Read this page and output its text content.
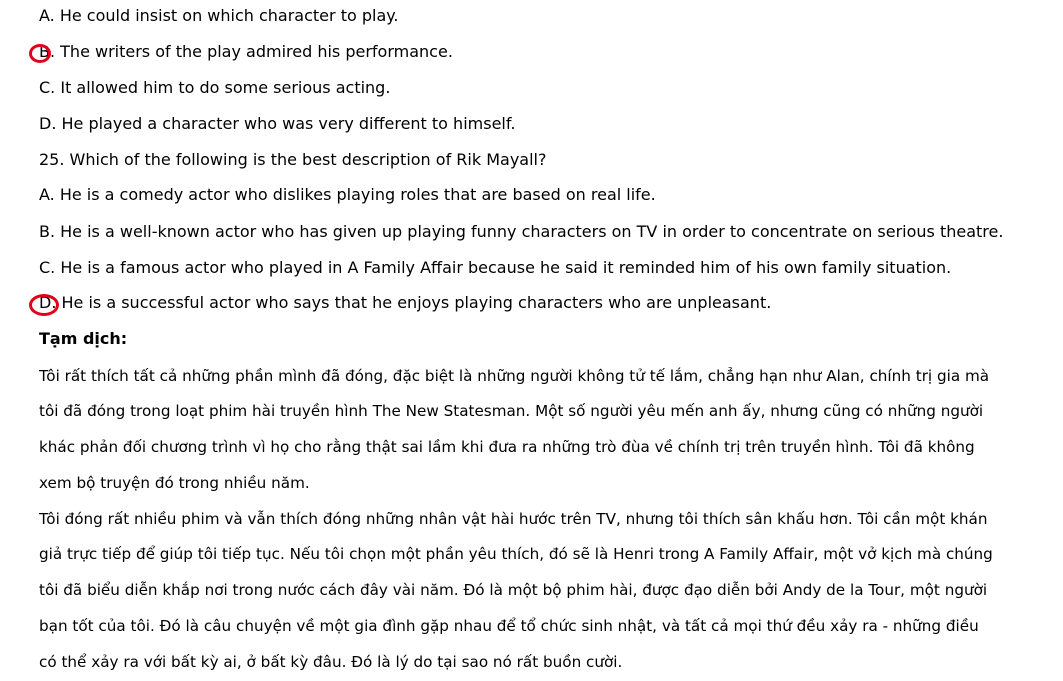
A. He could insist on which character to play.
B. The writers of the play admired his performance.
C. It allowed him to do some serious acting.
D. He played a character who was very different to himself.
25. Which of the following is the best description of Rik Mayall?
A. He is a comedy actor who dislikes playing roles that are based on real life.
B. He is a well-known actor who has given up playing funny characters on TV in order to concentrate on serious theatre.
C. He is a famous actor who played in A Family Affair because he said it reminded him of his own family situation.
D. He is a successful actor who says that he enjoys playing characters who are unpleasant.
Tạm dịch:
Tôi rất thích tất cả những phần mình đã đóng, đặc biệt là những người không tử tế lắm, chẳng hạn như Alan, chính trị gia mà
tôi đã đóng trong loạt phim hài truyền hình The New Statesman. Một số người yêu mến anh ấy, nhưng cũng có những người
khác phản đối chương trình vì họ cho rằng thật sai lầm khi đưa ra những trò đùa về chính trị trên truyền hình. Tôi đã không
xem bộ truyện đó trong nhiều năm.
Tôi đóng rất nhiều phim và vẫn thích đóng những nhân vật hài hước trên TV, nhưng tôi thích sân khấu hơn. Tôi cần một khán
giả trực tiếp để giúp tôi tiếp tục. Nếu tôi chọn một phần yêu thích, đó sẽ là Henri trong A Family Affair, một vở kịch mà chúng
tôi đã biểu diễn khắp nơi trong nước cách đây vài năm. Đó là một bộ phim hài, được đạo diễn bởi Andy de la Tour, một người
bạn tốt của tôi. Đó là câu chuyện về một gia đình gặp nhau để tổ chức sinh nhật, và tất cả mọi thứ đều xảy ra - những điều
có thể xảy ra với bất kỳ ai, ở bất kỳ đâu. Đó là lý do tại sao nó rất buồn cười.
